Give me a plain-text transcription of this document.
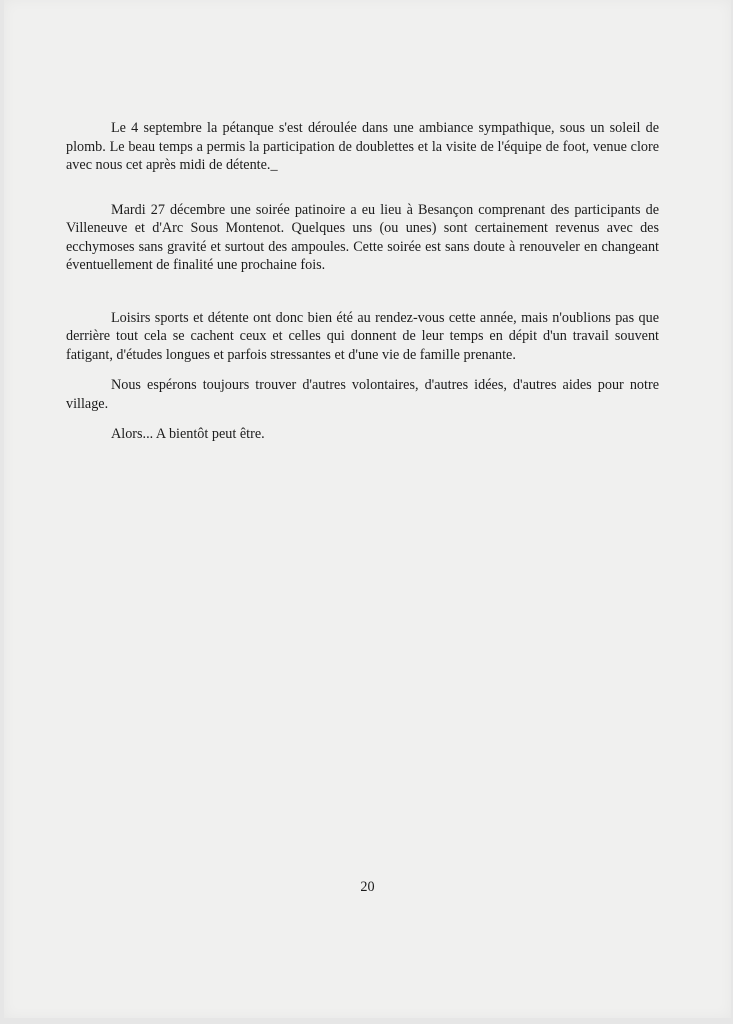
Le 4 septembre la pétanque s'est déroulée dans une ambiance sympathique, sous un soleil de plomb. Le beau temps a permis la participation de doublettes et la visite de l'équipe de foot, venue clore avec nous cet après midi de détente._

Mardi 27 décembre une soirée patinoire a eu lieu à Besançon comprenant des participants de Villeneuve et d'Arc Sous Montenot. Quelques uns (ou unes) sont certainement revenus avec des ecchymoses sans gravité et surtout des ampoules. Cette soirée est sans doute à renouveler en changeant éventuellement de finalité une prochaine fois.

Loisirs sports et détente ont donc bien été au rendez-vous cette année, mais n'oublions pas que derrière tout cela se cachent ceux et celles qui donnent de leur temps en dépit d'un travail souvent fatigant, d'études longues et parfois stressantes et d'une vie de famille prenante.

Nous espérons toujours trouver d'autres volontaires, d'autres idées, d'autres aides pour notre village.

Alors... A bientôt peut être.

20
